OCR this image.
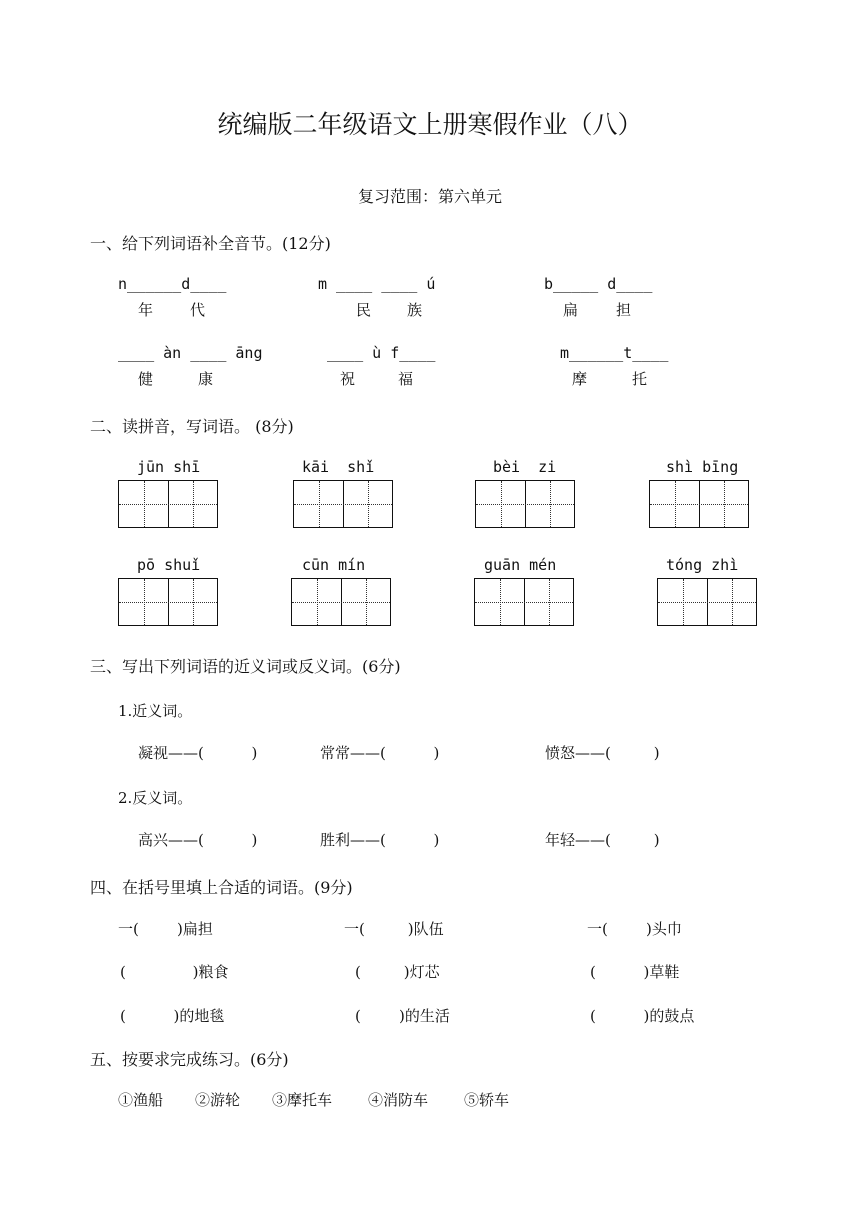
统编版二年级语文上册寒假作业（八）
复习范围：第六单元
一、给下列词语补全音节。(12分)
n______d____
年 代
m ____ ____ ú
民 族
b_____ d____
扁	担
____ àn ____ āng
健	康
____ ù f____
祝	福
m______t____
摩	托
二、读拼音，写词语。 (8分)
jūn shī	kāi  shǐ	bèi  zi	shì bīng
pō shuǐ	cūn mín	guān mén	tóng zhì
三、写出下列词语的近义词或反义词。(6分)
1.近义词。
凝视——(          )	常常——(          )	愤怒——(         )
2.反义词。
高兴——(          )	胜利——(          )	年轻——(         )
四、在括号里填上合适的词语。(9分)
一(        )扁担	一(         )队伍	一(        )头巾
(              )粮食	(         )灯芯	(          )草鞋
(          )的地毯	(        )的生活	(          )的鼓点
五、按要求完成练习。(6分)
①渔船 ②游轮 ③摩托车 ④消防车 ⑤轿车
